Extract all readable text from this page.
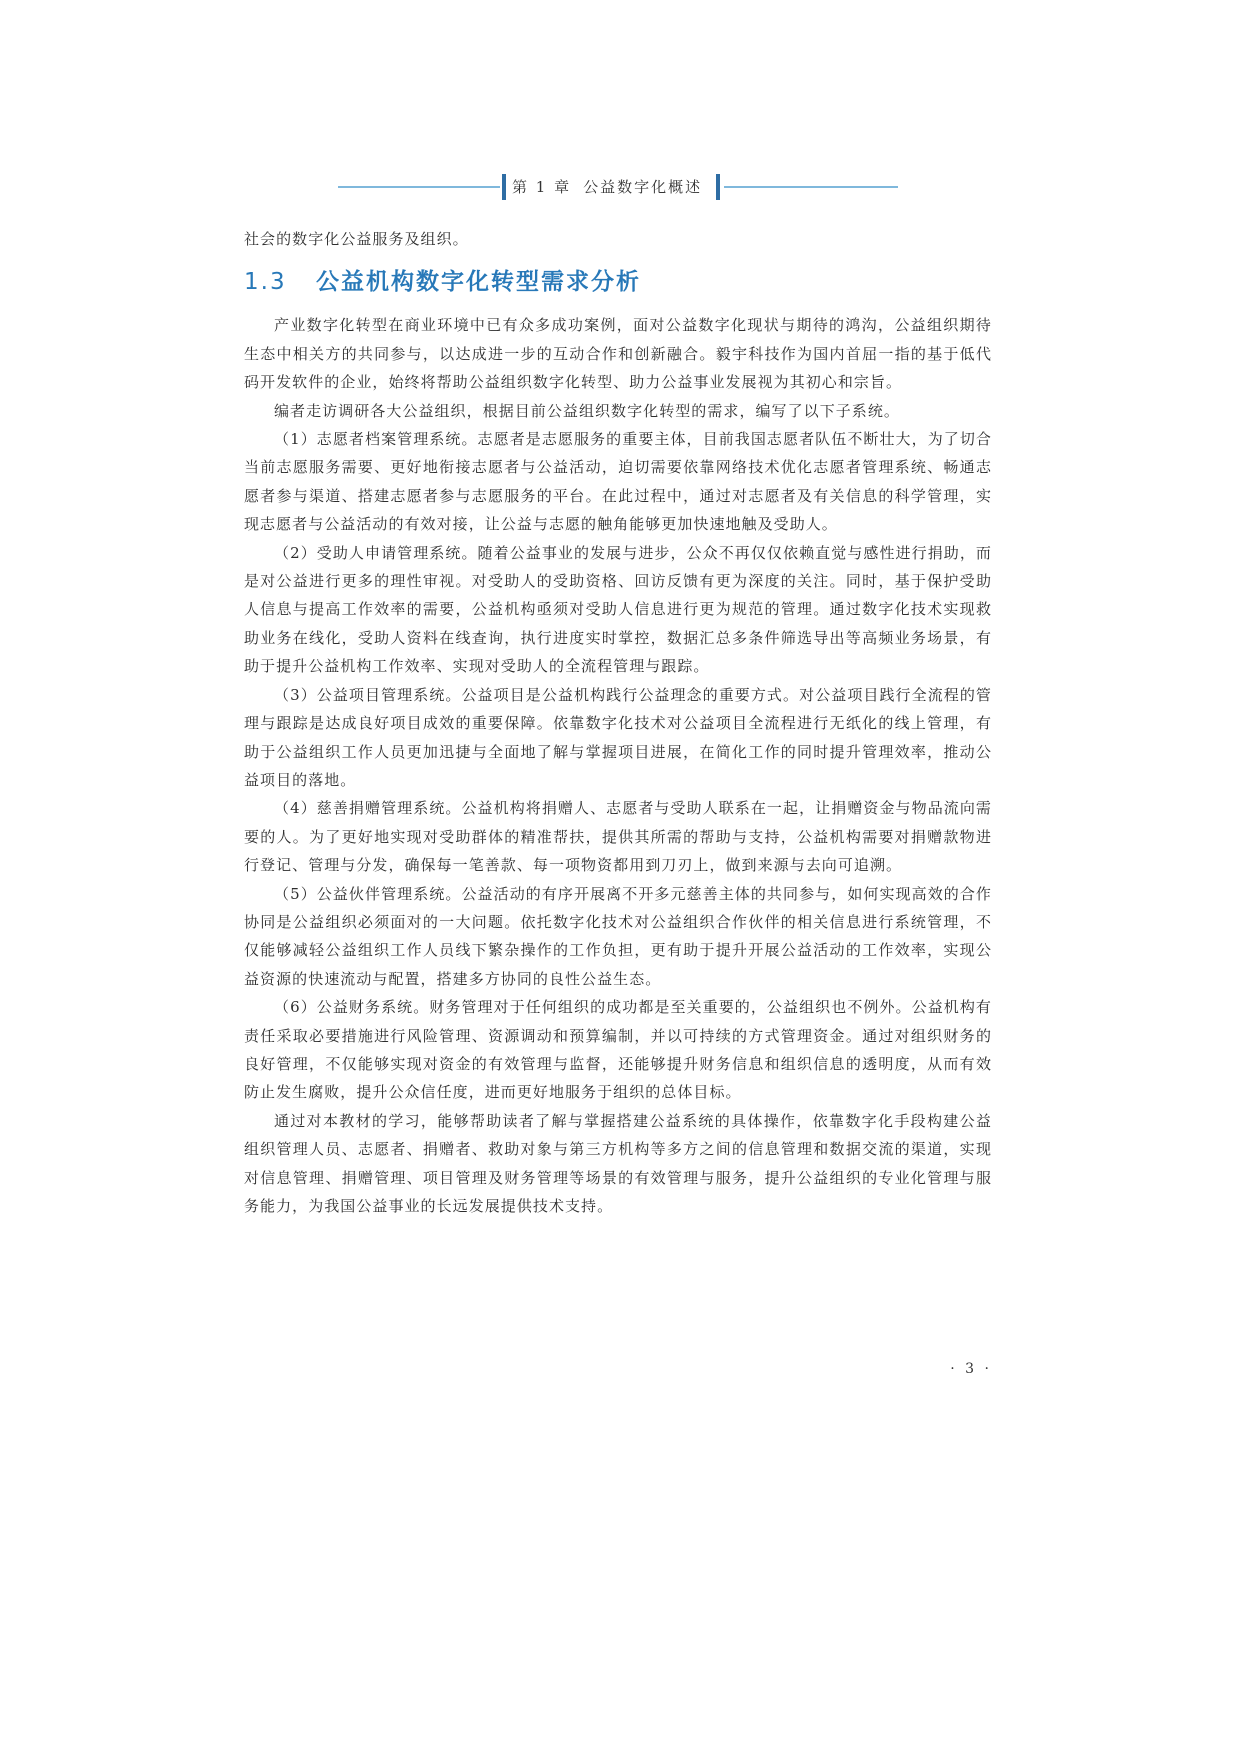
第 1 章 公益数字化概述

社会的数字化公益服务及组织。

1.3 公益机构数字化转型需求分析

产业数字化转型在商业环境中已有众多成功案例，面对公益数字化现状与期待的鸿沟，公益组织期待生态中相关方的共同参与，以达成进一步的互动合作和创新融合。毅宇科技作为国内首屈一指的基于低代码开发软件的企业，始终将帮助公益组织数字化转型、助力公益事业发展视为其初心和宗旨。

编者走访调研各大公益组织，根据目前公益组织数字化转型的需求，编写了以下子系统。

（1）志愿者档案管理系统。志愿者是志愿服务的重要主体，目前我国志愿者队伍不断壮大，为了切合当前志愿服务需要、更好地衔接志愿者与公益活动，迫切需要依靠网络技术优化志愿者管理系统、畅通志愿者参与渠道、搭建志愿者参与志愿服务的平台。在此过程中，通过对志愿者及有关信息的科学管理，实现志愿者与公益活动的有效对接，让公益与志愿的触角能够更加快速地触及受助人。

（2）受助人申请管理系统。随着公益事业的发展与进步，公众不再仅仅依赖直觉与感性进行捐助，而是对公益进行更多的理性审视。对受助人的受助资格、回访反馈有更为深度的关注。同时，基于保护受助人信息与提高工作效率的需要，公益机构亟须对受助人信息进行更为规范的管理。通过数字化技术实现救助业务在线化，受助人资料在线查询，执行进度实时掌控，数据汇总多条件筛选导出等高频业务场景，有助于提升公益机构工作效率、实现对受助人的全流程管理与跟踪。

（3）公益项目管理系统。公益项目是公益机构践行公益理念的重要方式。对公益项目践行全流程的管理与跟踪是达成良好项目成效的重要保障。依靠数字化技术对公益项目全流程进行无纸化的线上管理，有助于公益组织工作人员更加迅捷与全面地了解与掌握项目进展，在简化工作的同时提升管理效率，推动公益项目的落地。

（4）慈善捐赠管理系统。公益机构将捐赠人、志愿者与受助人联系在一起，让捐赠资金与物品流向需要的人。为了更好地实现对受助群体的精准帮扶，提供其所需的帮助与支持，公益机构需要对捐赠款物进行登记、管理与分发，确保每一笔善款、每一项物资都用到刀刃上，做到来源与去向可追溯。

（5）公益伙伴管理系统。公益活动的有序开展离不开多元慈善主体的共同参与，如何实现高效的合作协同是公益组织必须面对的一大问题。依托数字化技术对公益组织合作伙伴的相关信息进行系统管理，不仅能够减轻公益组织工作人员线下繁杂操作的工作负担，更有助于提升开展公益活动的工作效率，实现公益资源的快速流动与配置，搭建多方协同的良性公益生态。

（6）公益财务系统。财务管理对于任何组织的成功都是至关重要的，公益组织也不例外。公益机构有责任采取必要措施进行风险管理、资源调动和预算编制，并以可持续的方式管理资金。通过对组织财务的良好管理，不仅能够实现对资金的有效管理与监督，还能够提升财务信息和组织信息的透明度，从而有效防止发生腐败，提升公众信任度，进而更好地服务于组织的总体目标。

通过对本教材的学习，能够帮助读者了解与掌握搭建公益系统的具体操作，依靠数字化手段构建公益组织管理人员、志愿者、捐赠者、救助对象与第三方机构等多方之间的信息管理和数据交流的渠道，实现对信息管理、捐赠管理、项目管理及财务管理等场景的有效管理与服务，提升公益组织的专业化管理与服务能力，为我国公益事业的长远发展提供技术支持。

· 3 ·
